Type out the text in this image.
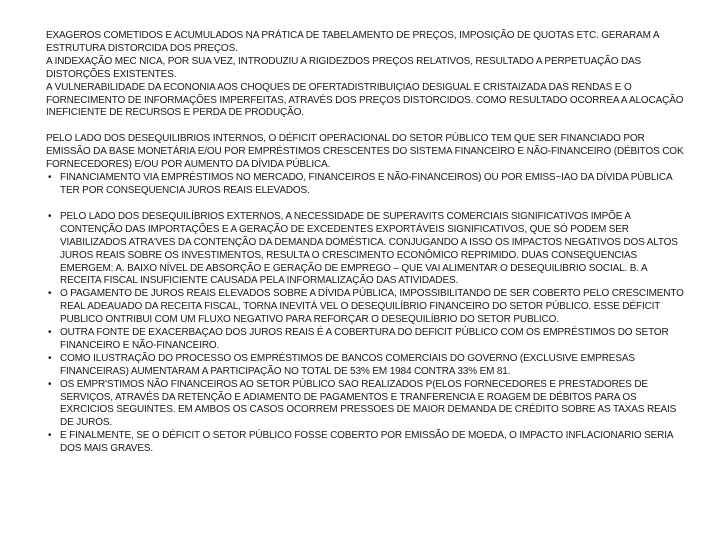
EXAGEROS COMETIDOS E ACUMULADOS NA PRÁTICA DE TABELAMENTO DE PREÇOS, IMPOSIÇÃO DE QUOTAS ETC. GERARAM A ESTRUTURA DISTORCIDA DOS PREÇOS.

A INDEXAÇÃO MEC NICA, POR SUA VEZ, INTRODUZIU A RIGIDEZDOS PREÇOS RELATIVOS, RESULTADO A PERPETUAÇÃO DAS DISTORÇÕES EXISTENTES.

A VULNERABILIDADE DA ECONONIA AOS CHOQUES DE OFERTADISTRIBUIÇIAO DESIGUAL E CRISTAIZADA DAS RENDAS E O FORNECIMENTO DE INFORMAÇÕES IMPERFEITAS, ATRAVÉS DOS PREÇOS DISTORCIDOS. COMO RESULTADO OCORREA A ALOCAÇÃO INEFICIENTE DE RECURSOS E PERDA DE PRODUÇÃO.

PELO LADO DOS DESEQUILIBRIOS INTERNOS, O DÉFICIT OPERACIONAL DO SETOR PÚBLICO TEM QUE SER FINANCIADO POR EMISSÃO DA BASE MONETÁRIA E/OU POR EMPRÉSTIMOS CRESCENTES DO SISTEMA FINANCEIRO E NÃO-FINANCEIRO (DÉBITOS COK FORNECEDORES) E/OU POR AUMENTO DA DÍVIDA PÚBLICA.

• FINANCIAMENTO VIA EMPRÉSTIMOS NO MERCADO, FINANCEIROS E NÃO-FINANCEIROS) OU POR EMISS~IAO DA DÍVIDA PÚBLICA TER POR CONSEQUENCIA JUROS REAIS ELEVADOS.
• PELO LADO DOS DESEQUILÍBRIOS EXTERNOS, A NECESSIDADE DE SUPERAVITS COMERCIAIS SIGNIFICATIVOS IMPÕE A CONTENÇÃO DAS IMPORTAÇÕES E A GERAÇÃO DE EXCEDENTES EXPORTÁVEIS SIGNIFICATIVOS, QUE SÓ PODEM SER VIABILIZADOS ATRA'VES DA CONTENÇÃO DA DEMANDA DOMÉSTICA. CONJUGANDO A ISSO OS IMPACTOS NEGATIVOS DOS ALTOS JUROS REAIS SOBRE OS INVESTIMENTOS, RESULTA O CRESCIMENTO ECONÔMICO REPRIMIDO. DUAS CONSEQUENCIAS EMERGEM: A. BAIXO NÍVEL DE ABSORÇÃO E GERAÇÃO DE EMPREGO – QUE VAI ALIMENTAR O DESEQUILIBRIO SOCIAL. B. A RECEITA FISCAL INSUFICIENTE CAUSADA PELA INFORMALIZAÇÃO DAS ATIVIDADES.
• O PAGAMENTO DE JUROS REAIS ELEVADOS SOBRE A DÍVIDA PÚBLICA, IMPOSSIBILITANDO DE SER COBERTO PELO CRESCIMENTO REAL ADEAUADO DA RECEITA FISCAL, TORNA INEVITÁ VEL O DESEQUILÍBRIO FINANCEIRO DO SETOR PÚBLICO. ESSE DÉFICIT PUBLICO ONTRIBUI COM UM FLUXO NEGATIVO PARA REFORÇAR O DESEQUILÍBRIO DO SETOR PUBLICO.
• OUTRA FONTE DE EXACERBAÇAO DOS JUROS REAIS É A COBERTURA DO DEFICIT PÚBLICO COM OS EMPRÉSTIMOS DO SETOR FINANCEIRO E NÃO-FINANCEIRO.
• COMO ILUSTRAÇÃO DO PROCESSO OS EMPRÉSTIMOS DE BANCOS COMERCIAIS DO GOVERNO (EXCLUSIVE EMPRESAS FINANCEIRAS) AUMENTARAM A PARTICIPAÇÃO NO TOTAL DE 53% EM 1984 CONTRA 33% EM 81.
• OS EMPR'STIMOS NÃO FINANCEIROS AO SETOR PÚBLICO SAO REALIZADOS P(ELOS FORNECEDORES E PRESTADORES DE SERVIÇOS, ATRAVÉS DA RETENÇÃO E ADIAMENTO DE PAGAMENTOS E TRANFERENCIA E ROAGEM DE DÉBITOS PARA OS EXRCICIOS SEGUINTES. EM AMBOS OS CASOS OCORREM PRESSOES DE MAIOR DEMANDA DE CRÉDITO SOBRE AS TAXAS REAIS DE JUROS.
• E FINALMENTE, SE O DÉFICIT O SETOR PÚBLICO FOSSE COBERTO POR EMISSÃO DE MOEDA, O IMPACTO INFLACIONARIO SERIA DOS MAIS GRAVES.
